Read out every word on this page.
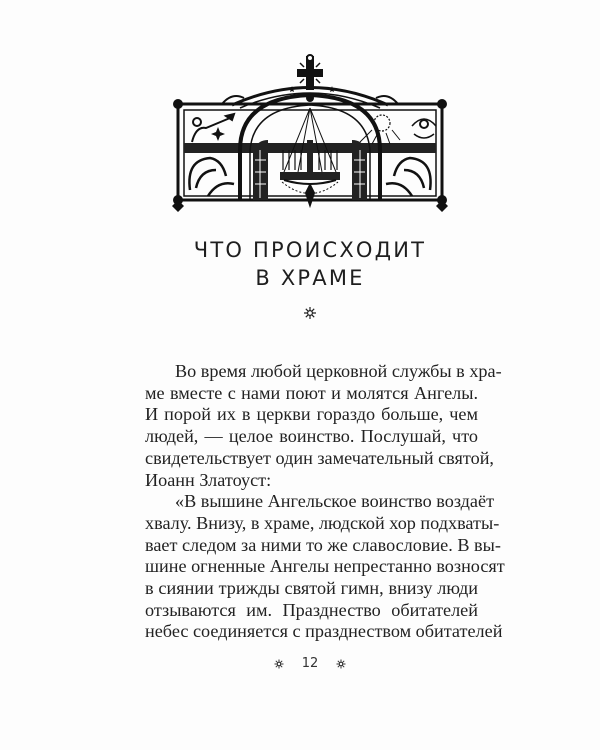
ЧТО ПРОИСХОДИТ
В ХРАМЕ
Во время любой церковной службы в хра-
ме вместе с нами поют и молятся Ангелы.
И порой их в церкви гораздо больше, чем
людей, — целое воинство. Послушай, что
свидетельствует один замечательный святой,
Иоанн Златоуст:
«В вышине Ангельское воинство воздаёт
хвалу. Внизу, в храме, людской хор подхваты-
вает следом за ними то же славословие. В вы-
шине огненные Ангелы непрестанно возносят
в сиянии трижды святой гимн, внизу люди
отзываются им. Празднество обитателей
небес соединяется с празднеством обитателей
12
